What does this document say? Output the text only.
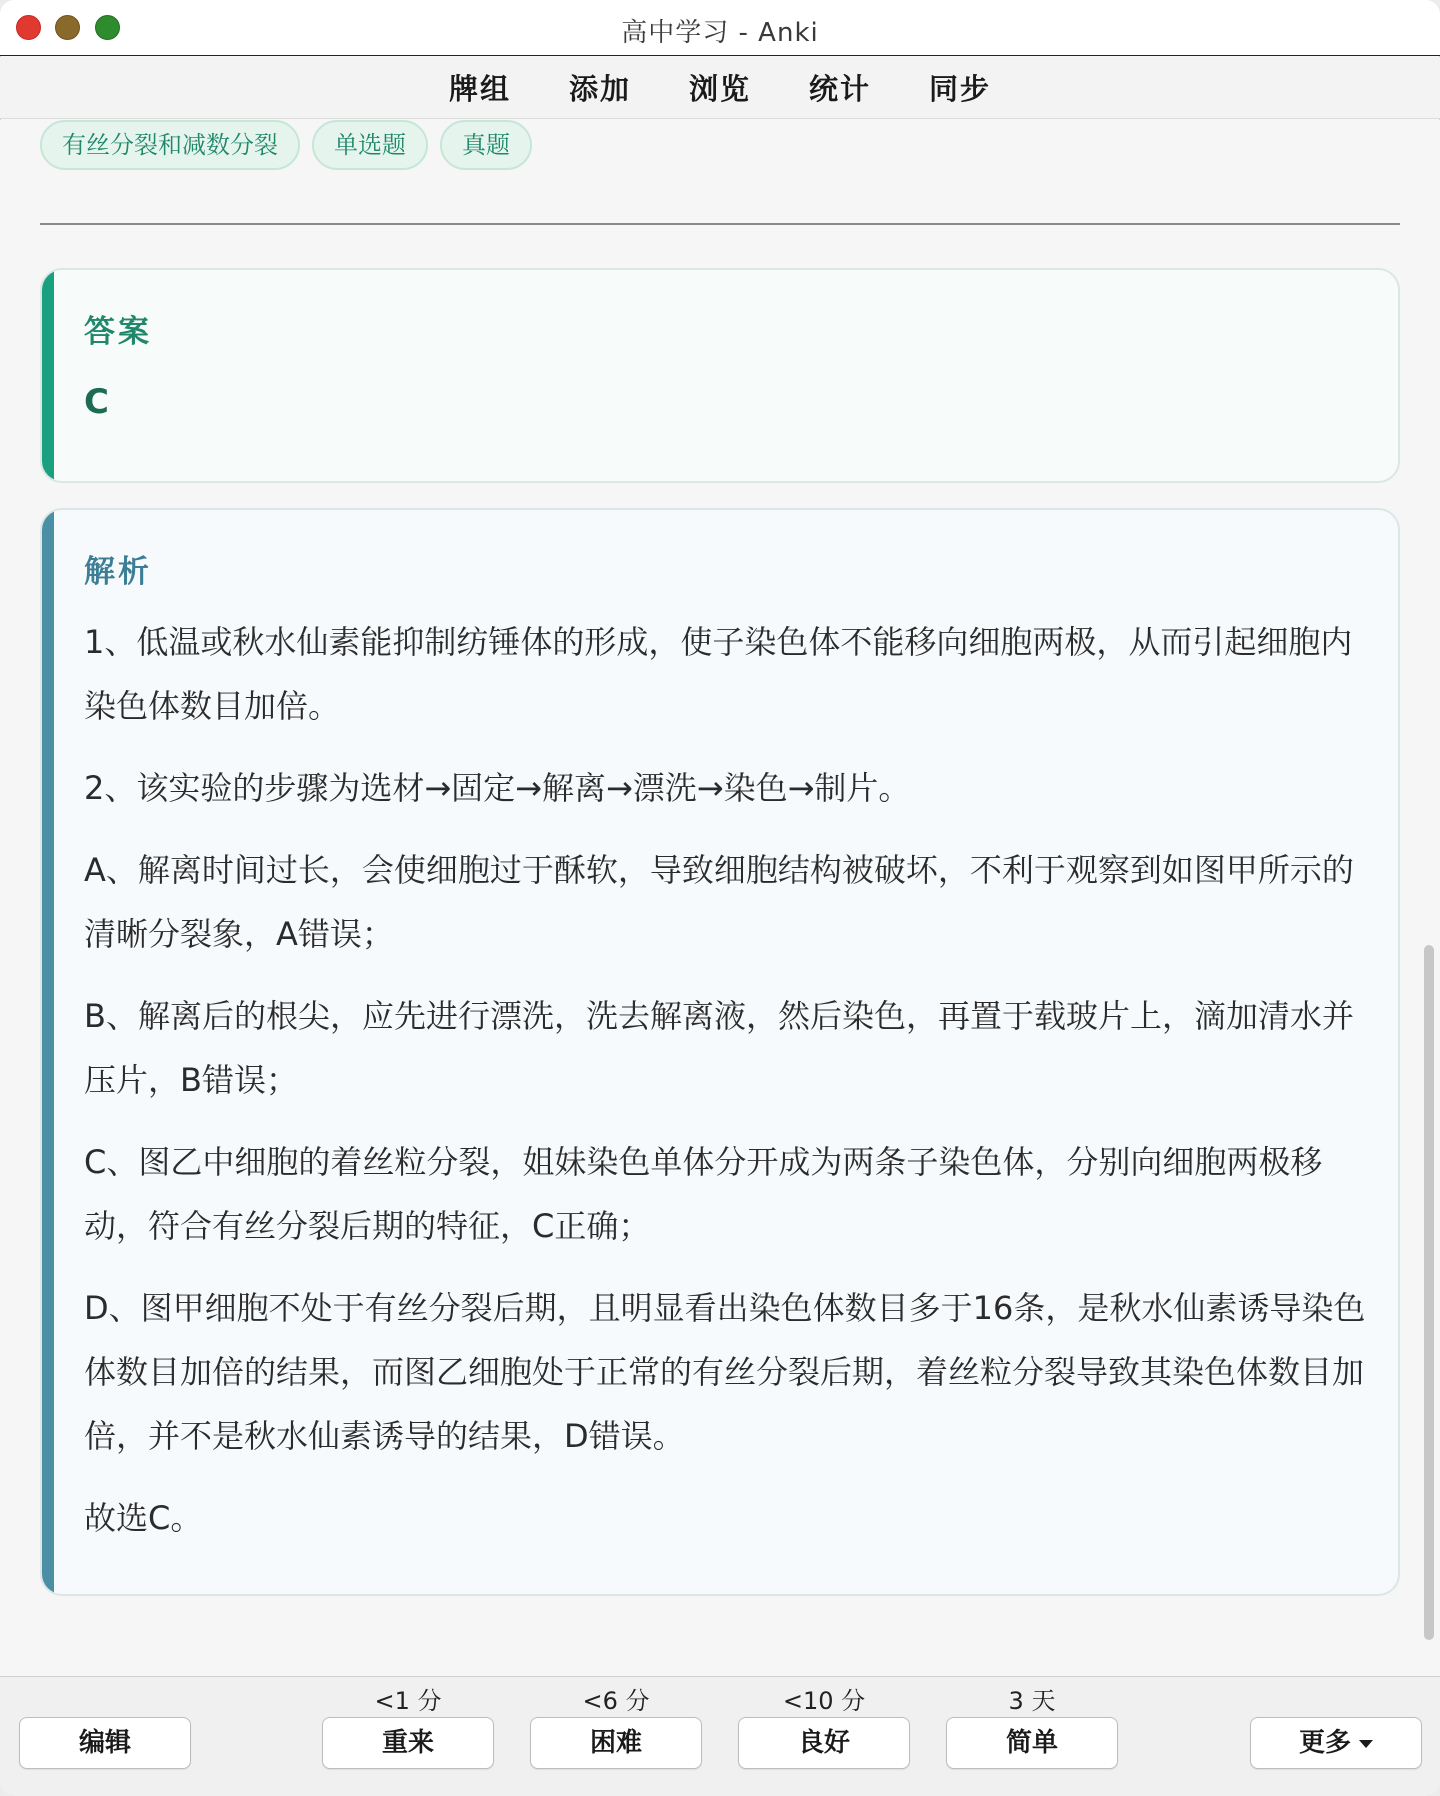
高中学习 - Anki
牌组	添加	浏览	统计	同步
有丝分裂和减数分裂	单选题	真题
答案
C
解析

1、低温或秋水仙素能抑制纺锤体的形成，使子染色体不能移向细胞两极，从而引起细胞内染色体数目加倍。

2、该实验的步骤为选材→固定→解离→漂洗→染色→制片。

A、解离时间过长，会使细胞过于酥软，导致细胞结构被破坏，不利于观察到如图甲所示的清晰分裂象，A错误；

B、解离后的根尖，应先进行漂洗，洗去解离液，然后染色，再置于载玻片上，滴加清水并压片，B错误；

C、图乙中细胞的着丝粒分裂，姐妹染色单体分开成为两条子染色体，分别向细胞两极移动，符合有丝分裂后期的特征，C正确；

D、图甲细胞不处于有丝分裂后期，且明显看出染色体数目多于16条，是秋水仙素诱导染色体数目加倍的结果，而图乙细胞处于正常的有丝分裂后期，着丝粒分裂导致其染色体数目加倍，并不是秋水仙素诱导的结果，D错误。

故选C。

编辑
<1 分
重来
<6 分
困难
<10 分
良好
3 天
简单	更多
